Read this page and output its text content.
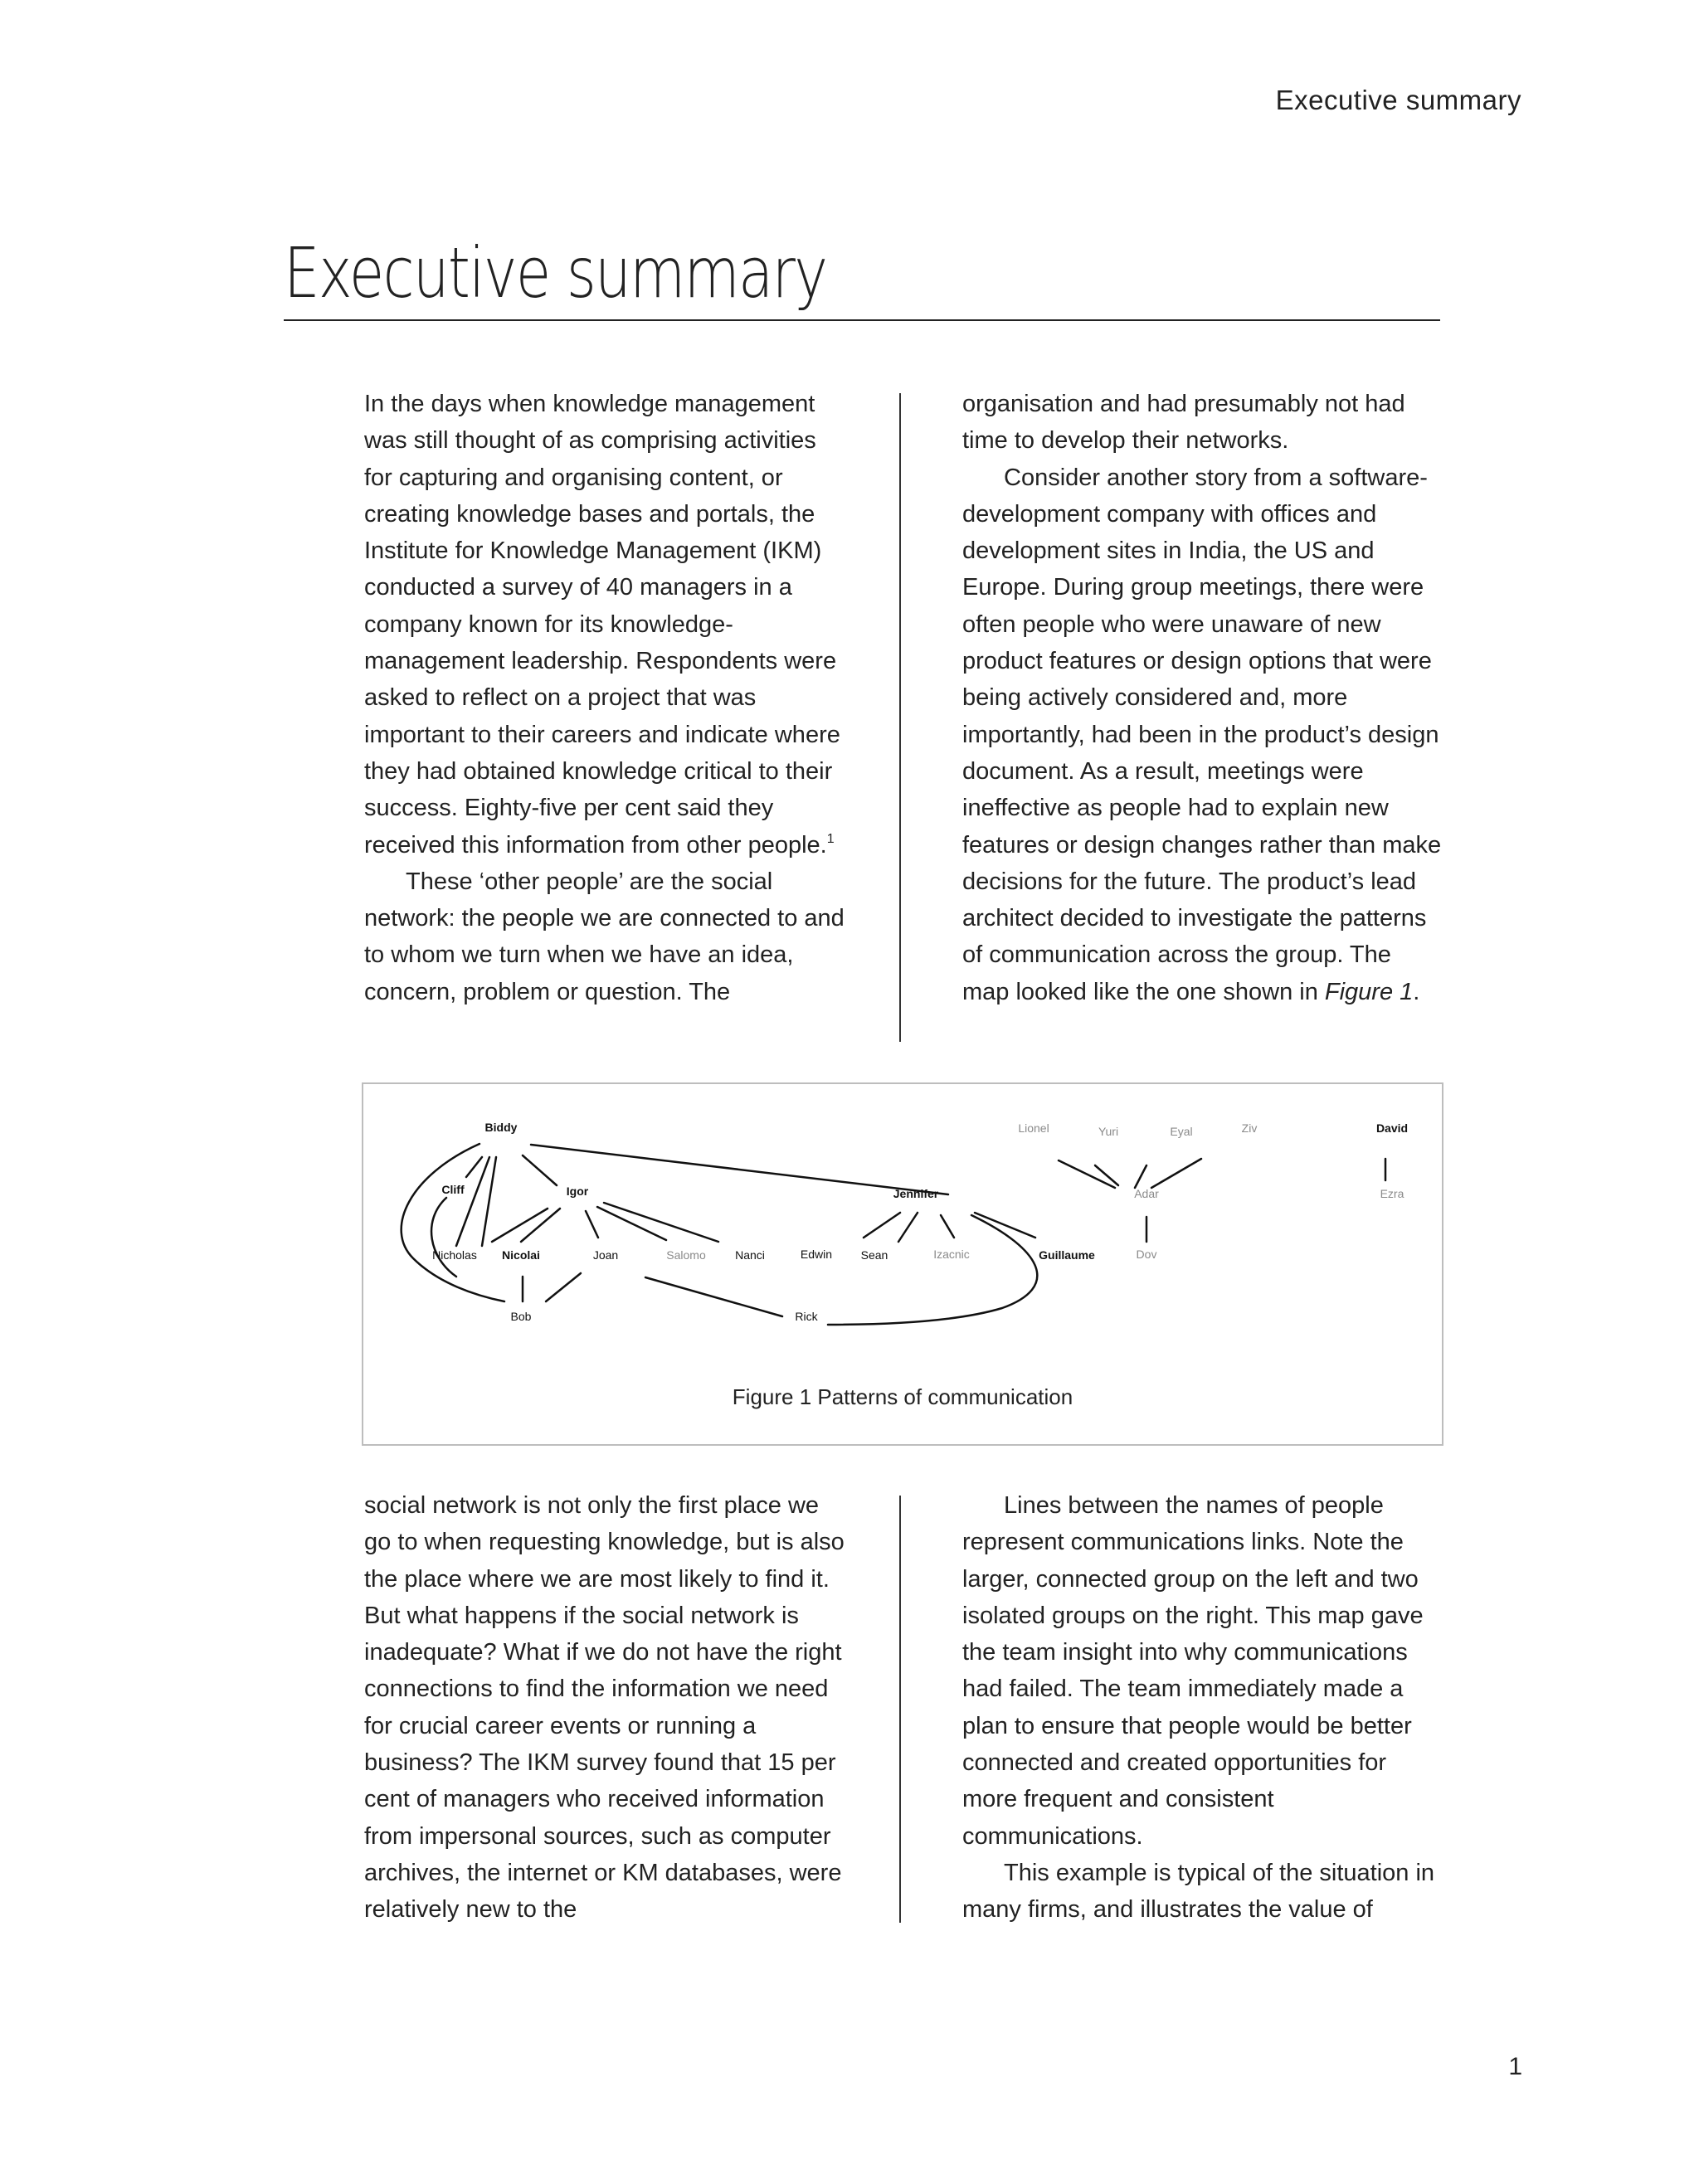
Executive summary
Executive summary

In the days when knowledge management was still thought of as comprising activities for capturing and organising content, or creating knowledge bases and portals, the Institute for Knowledge Management (IKM) conducted a survey of 40 managers in a company known for its knowledge-management leadership. Respondents were asked to reflect on a project that was important to their careers and indicate where they had obtained knowledge critical to their success. Eighty-five per cent said they received this information from other people.$^1$

These ‘other people’ are the social network: the people we are connected to and to whom we turn when we have an idea, concern, problem or question. The

organisation and had presumably not had time to develop their networks.

Consider another story from a software-development company with offices and development sites in India, the US and Europe. During group meetings, there were often people who were unaware of new product features or design options that were being actively considered and, more importantly, had been in the product’s design document. As a result, meetings were ineffective as people had to explain new features or design changes rather than make decisions for the future. The product’s lead architect decided to investigate the patterns of communication across the group. The map looked like the one shown in Figure 1.

Biddy
Cliff	Igor	Jennifer
Nicholas Nicolai	Joan	Salomo	Nanci	Edwin Sean	Izacnic	Guillaume
Bob	Rick
Lionel	Yuri	Eyal	Ziv
Adar
Dov
David
Ezra
Figure 1 Patterns of communication

social network is not only the first place we go to when requesting knowledge, but is also the place where we are most likely to find it. But what happens if the social network is inadequate? What if we do not have the right connections to find the information we need for crucial career events or running a business? The IKM survey found that 15 per cent of managers who received information from impersonal sources, such as computer archives, the internet or KM databases, were relatively new to the

Lines between the names of people represent communications links. Note the larger, connected group on the left and two isolated groups on the right. This map gave the team insight into why communications had failed. The team immediately made a plan to ensure that people would be better connected and created opportunities for more frequent and consistent communications.

This example is typical of the situation in many firms, and illustrates the value of

1
